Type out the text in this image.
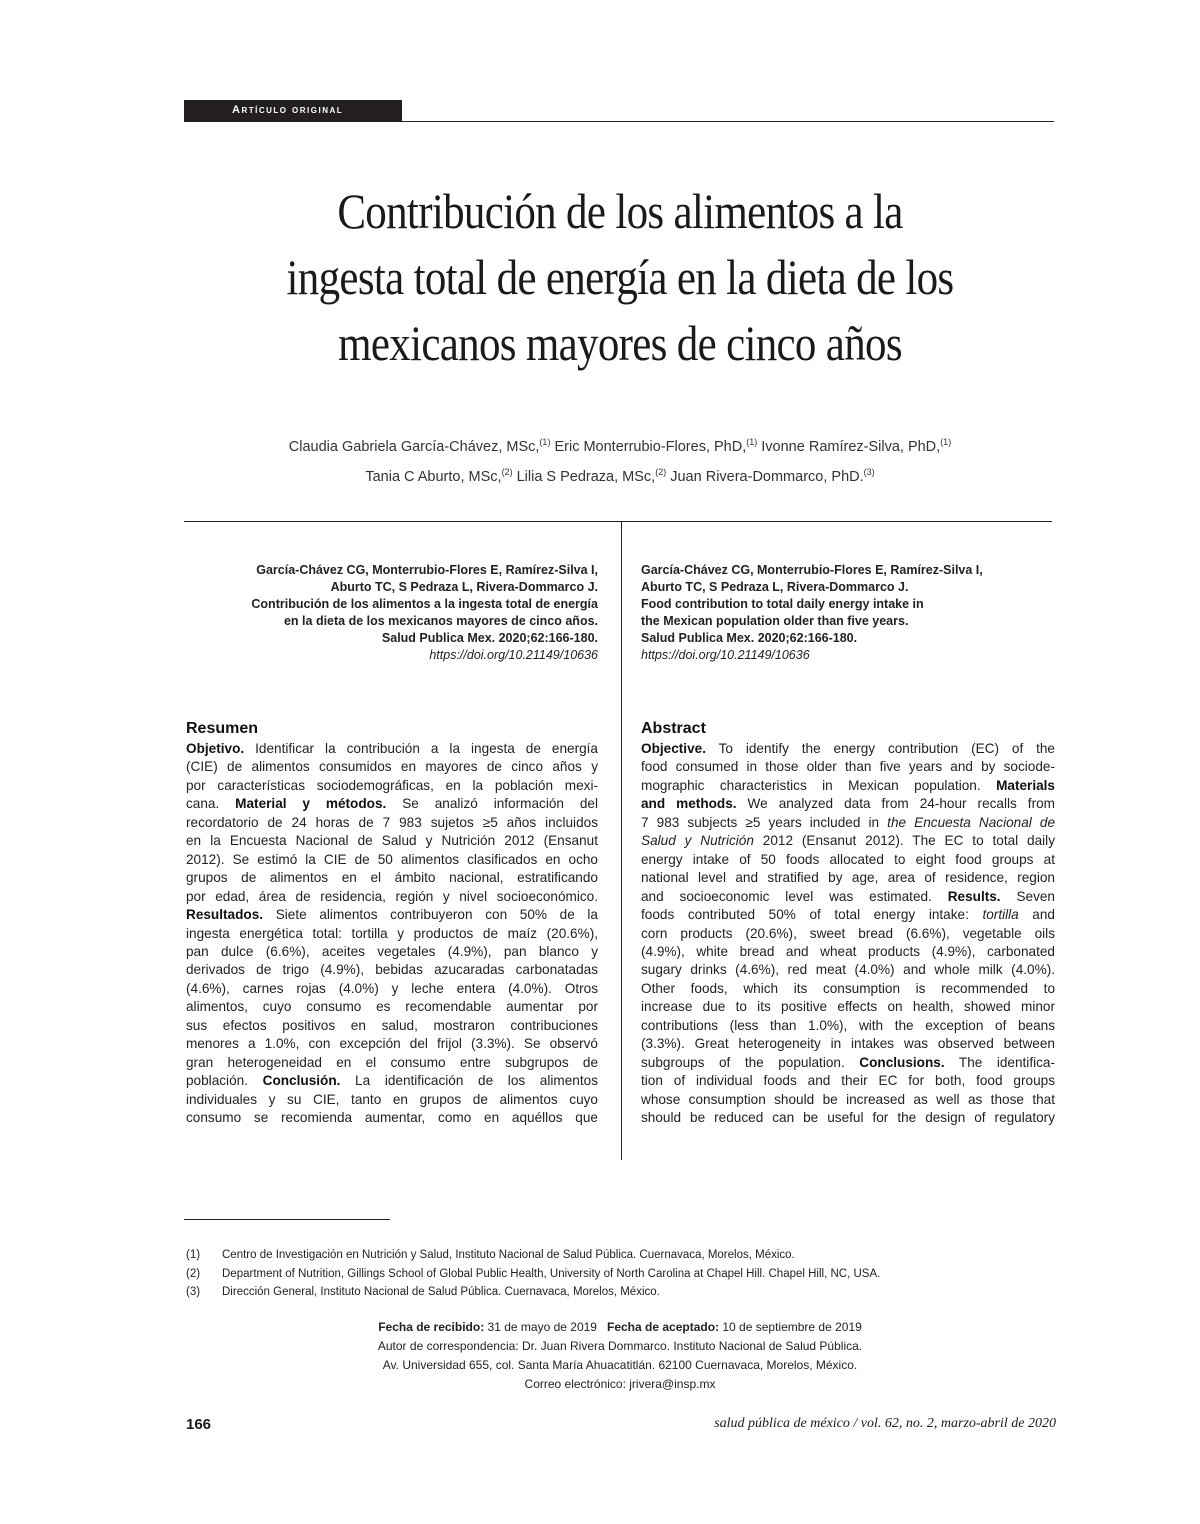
Artículo original
Contribución de los alimentos a la
ingesta total de energía en la dieta de los
mexicanos mayores de cinco años
Claudia Gabriela García-Chávez, MSc,$^{(1)}$ Eric Monterrubio-Flores, PhD,$^{(1)}$ Ivonne Ramírez-Silva, PhD,$^{(1)}$
Tania C Aburto, MSc,$^{(2)}$ Lilia S Pedraza, MSc,$^{(2)}$ Juan Rivera-Dommarco, PhD.$^{(3)}$
García-Chávez CG, Monterrubio-Flores E, Ramírez-Silva I,
Aburto TC, S Pedraza L, Rivera-Dommarco J.
Contribución de los alimentos a la ingesta total de energía
en la dieta de los mexicanos mayores de cinco años.
Salud Publica Mex. 2020;62:166-180.
https://doi.org/10.21149/10636
García-Chávez CG, Monterrubio-Flores E, Ramírez-Silva I,
Aburto TC, S Pedraza L, Rivera-Dommarco J.
Food contribution to total daily energy intake in
the Mexican population older than five years.
Salud Publica Mex. 2020;62:166-180.
https://doi.org/10.21149/10636
Resumen
Objetivo. Identificar la contribución a la ingesta de energía
(CIE) de alimentos consumidos en mayores de cinco años y
por características sociodemográficas, en la población mexi-
cana. Material y métodos. Se analizó información del
recordatorio de 24 horas de 7 983 sujetos ≥5 años incluidos
en la Encuesta Nacional de Salud y Nutrición 2012 (Ensanut
2012). Se estimó la CIE de 50 alimentos clasificados en ocho
grupos de alimentos en el ámbito nacional, estratificando
por edad, área de residencia, región y nivel socioeconómico.
Resultados. Siete alimentos contribuyeron con 50% de la
ingesta energética total: tortilla y productos de maíz (20.6%),
pan dulce (6.6%), aceites vegetales (4.9%), pan blanco y
derivados de trigo (4.9%), bebidas azucaradas carbonatadas
(4.6%), carnes rojas (4.0%) y leche entera (4.0%). Otros
alimentos, cuyo consumo es recomendable aumentar por
sus efectos positivos en salud, mostraron contribuciones
menores a 1.0%, con excepción del frijol (3.3%). Se observó
gran heterogeneidad en el consumo entre subgrupos de
población. Conclusión. La identificación de los alimentos
individuales y su CIE, tanto en grupos de alimentos cuyo
consumo se recomienda aumentar, como en aquéllos que
Abstract
Objective. To identify the energy contribution (EC) of the
food consumed in those older than five years and by sociode-
mographic characteristics in Mexican population. Materials
and methods. We analyzed data from 24-hour recalls from
7 983 subjects ≥5 years included in the Encuesta Nacional de
Salud y Nutrición 2012 (Ensanut 2012). The EC to total daily
energy intake of 50 foods allocated to eight food groups at
national level and stratified by age, area of residence, region
and socioeconomic level was estimated. Results. Seven
foods contributed 50% of total energy intake: tortilla and
corn products (20.6%), sweet bread (6.6%), vegetable oils
(4.9%), white bread and wheat products (4.9%), carbonated
sugary drinks (4.6%), red meat (4.0%) and whole milk (4.0%).
Other foods, which its consumption is recommended to
increase due to its positive effects on health, showed minor
contributions (less than 1.0%), with the exception of beans
(3.3%). Great heterogeneity in intakes was observed between
subgroups of the population. Conclusions. The identifica-
tion of individual foods and their EC for both, food groups
whose consumption should be increased as well as those that
should be reduced can be useful for the design of regulatory
(1) Centro de Investigación en Nutrición y Salud, Instituto Nacional de Salud Pública. Cuernavaca, Morelos, México.
(2) Department of Nutrition, Gillings School of Global Public Health, University of North Carolina at Chapel Hill. Chapel Hill, NC, USA.
(3) Dirección General, Instituto Nacional de Salud Pública. Cuernavaca, Morelos, México.
Fecha de recibido: 31 de mayo de 2019 Fecha de aceptado: 10 de septiembre de 2019
Autor de correspondencia: Dr. Juan Rivera Dommarco. Instituto Nacional de Salud Pública.
Av. Universidad 655, col. Santa María Ahuacatitlán. 62100 Cuernavaca, Morelos, México.
Correo electrónico: jrivera@insp.mx
166	salud pública de méxico / vol. 62, no. 2, marzo-abril de 2020
